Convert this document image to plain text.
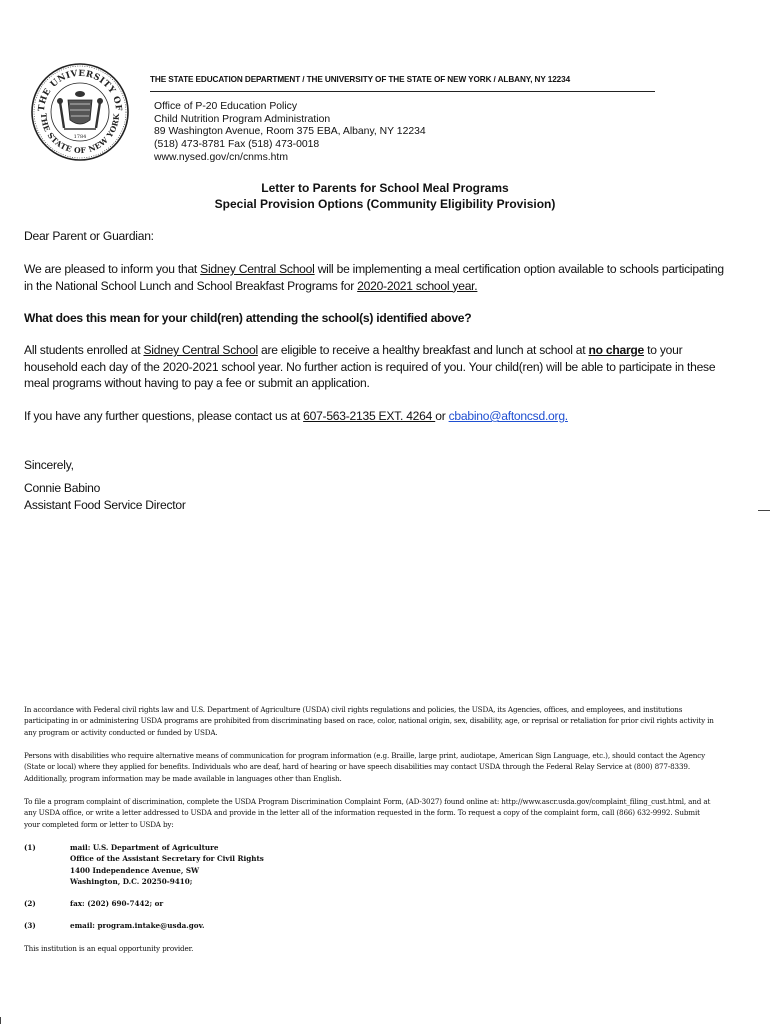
THE UNIVERSITY OF
THE STATE OF NEW YORK
1784
THE STATE EDUCATION DEPARTMENT / THE UNIVERSITY OF THE STATE OF NEW YORK / ALBANY, NY 12234
Office of P-20 Education Policy
Child Nutrition Program Administration
89 Washington Avenue, Room 375 EBA, Albany, NY 12234
(518) 473-8781 Fax (518) 473-0018
www.nysed.gov/cn/cnms.htm
Letter to Parents for School Meal Programs
Special Provision Options (Community Eligibility Provision)
Dear Parent or Guardian:
We are pleased to inform you that Sidney Central School will be implementing a meal certification option available to schools participating in the National School Lunch and School Breakfast Programs for 2020-2021 school year.
What does this mean for your child(ren) attending the school(s) identified above?
All students enrolled at Sidney Central School are eligible to receive a healthy breakfast and lunch at school at no charge to your household each day of the 2020-2021 school year. No further action is required of you. Your child(ren) will be able to participate in these meal programs without having to pay a fee or submit an application.
If you have any further questions, please contact us at 607-563-2135 EXT. 4264 or cbabino@aftoncsd.org.
Sincerely,
Connie Babino
Assistant Food Service Director
In accordance with Federal civil rights law and U.S. Department of Agriculture (USDA) civil rights regulations and policies, the USDA, its Agencies, offices, and employees, and institutions participating in or administering USDA programs are prohibited from discriminating based on race, color, national origin, sex, disability, age, or reprisal or retaliation for prior civil rights activity in any program or activity conducted or funded by USDA.
Persons with disabilities who require alternative means of communication for program information (e.g. Braille, large print, audiotape, American Sign Language, etc.), should contact the Agency (State or local) where they applied for benefits. Individuals who are deaf, hard of hearing or have speech disabilities may contact USDA through the Federal Relay Service at (800) 877-8339. Additionally, program information may be made available in languages other than English.
To file a program complaint of discrimination, complete the USDA Program Discrimination Complaint Form, (AD-3027) found online at: http://www.ascr.usda.gov/complaint_filing_cust.html, and at any USDA office, or write a letter addressed to USDA and provide in the letter all of the information requested in the form. To request a copy of the complaint form, call (866) 632-9992. Submit your completed form or letter to USDA by:
(1)	mail: U.S. Department of Agriculture
Office of the Assistant Secretary for Civil Rights
1400 Independence Avenue, SW
Washington, D.C. 20250-9410;
(2)	fax: (202) 690-7442; or
(3)	email: program.intake@usda.gov.
This institution is an equal opportunity provider.
